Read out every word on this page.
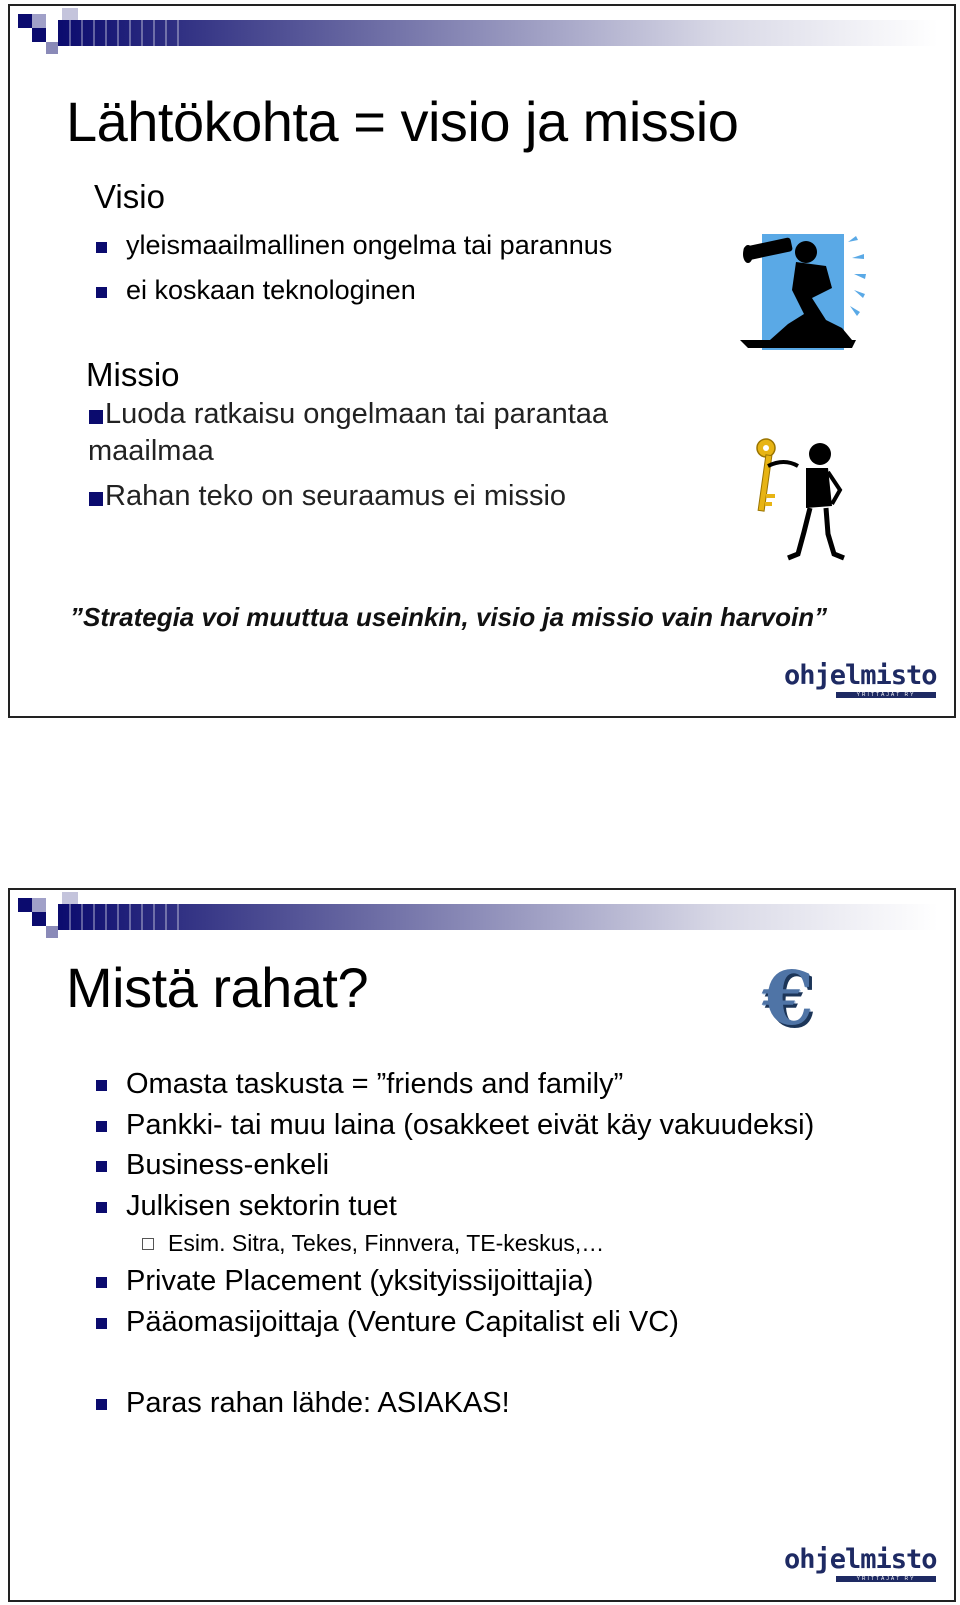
Lähtökohta = visio ja missio
Visio
yleismaailmallinen ongelma tai parannus
ei koskaan teknologinen
Missio
Luoda ratkaisu ongelmaan tai parantaa
maailmaa
Rahan teko on seuraamus ei missio
”Strategia voi muuttua useinkin, visio ja missio vain harvoin”
ohjelmisto
YRITTÄJÄT RY
Mistä rahat?	€
Omasta taskusta = ”friends and family”
Pankki- tai muu laina (osakkeet eivät käy vakuudeksi)
Business-enkeli
Julkisen sektorin tuet
Esim. Sitra, Tekes, Finnvera, TE-keskus,…
Private Placement (yksityissijoittajia)
Pääomasijoittaja (Venture Capitalist eli VC)
Paras rahan lähde: ASIAKAS!
ohjelmisto
YRITTÄJÄT RY
